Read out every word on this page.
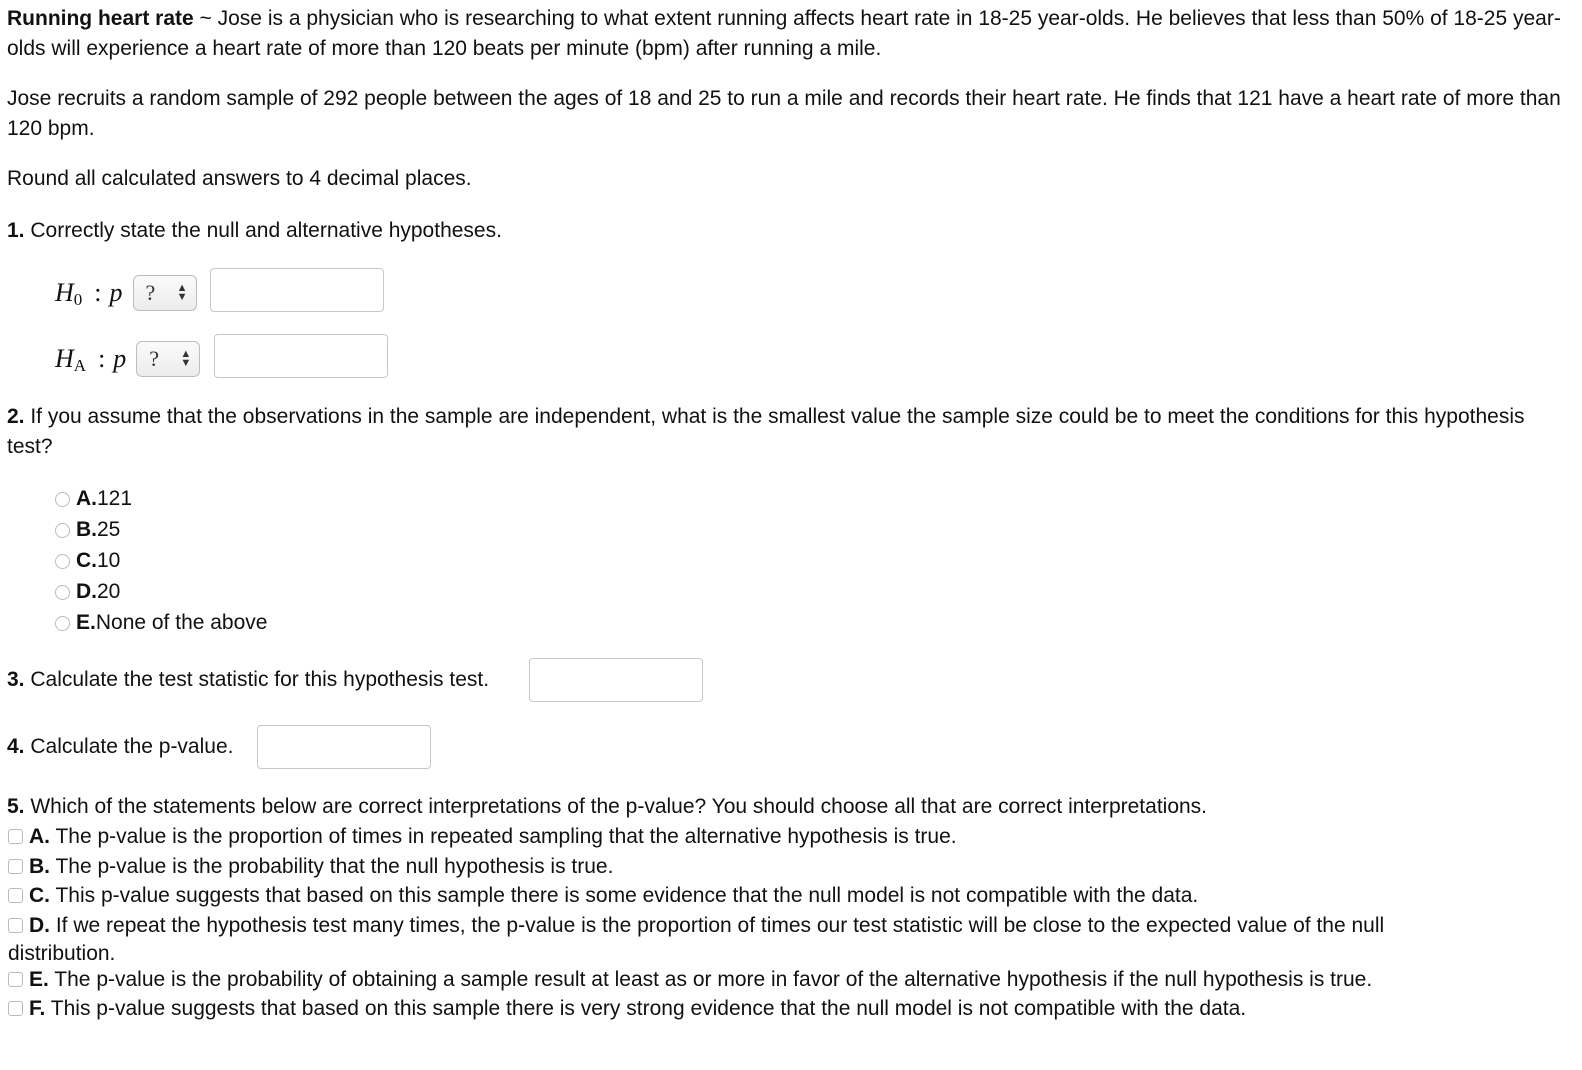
Running heart rate ~ Jose is a physician who is researching to what extent running affects heart rate in 18-25 year-olds. He believes that less than 50% of 18-25 year-olds will experience a heart rate of more than 120 beats per minute (bpm) after running a mile.

Jose recruits a random sample of 292 people between the ages of 18 and 25 to run a mile and records their heart rate. He finds that 121 have a heart rate of more than 120 bpm.

Round all calculated answers to 4 decimal places.

1. Correctly state the null and alternative hypotheses.

H 0 : p ? ▲
▼
H A : p ? ▲
▼

2. If you assume that the observations in the sample are independent, what is the smallest value the sample size could be to meet the conditions for this hypothesis test?

A. 121
B. 25
C. 10
D. 20
E. None of the above

3. Calculate the test statistic for this hypothesis test.

4. Calculate the p-value.

5. Which of the statements below are correct interpretations of the p-value? You should choose all that are correct interpretations.

A. The p-value is the proportion of times in repeated sampling that the alternative hypothesis is true.
B. The p-value is the probability that the null hypothesis is true.
C. This p-value suggests that based on this sample there is some evidence that the null model is not compatible with the data.
D. If we repeat the hypothesis test many times, the p-value is the proportion of times our test statistic will be close to the expected value of the null distribution.
E. The p-value is the probability of obtaining a sample result at least as or more in favor of the alternative hypothesis if the null hypothesis is true.
F. This p-value suggests that based on this sample there is very strong evidence that the null model is not compatible with the data.
